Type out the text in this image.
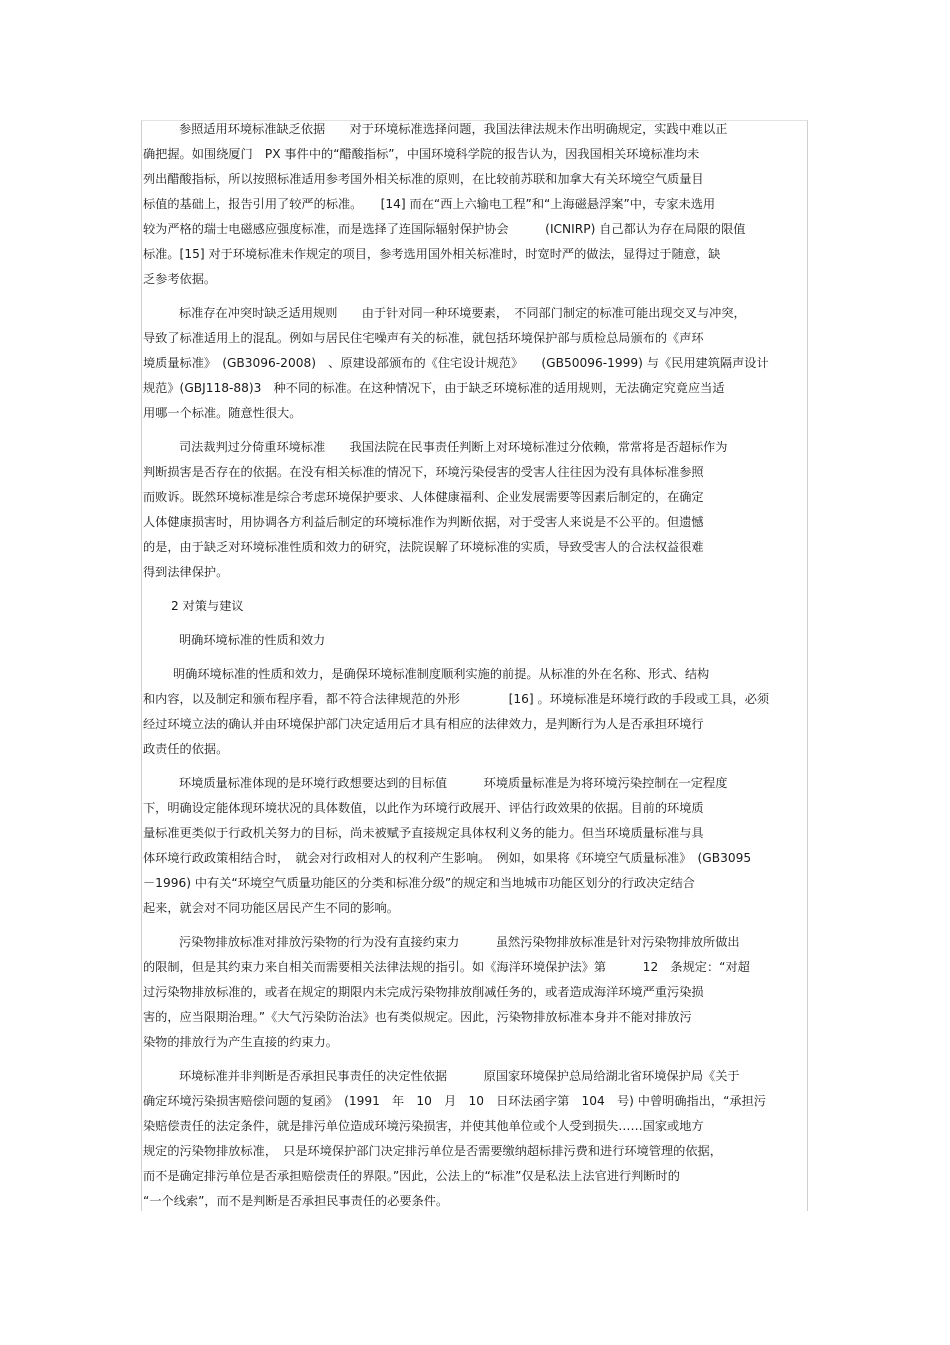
参照适用环境标准缺乏依据　　对于环境标准选择问题，我国法律法规未作出明确规定，实践中难以正
确把握。如围绕厦门　PX 事件中的“醋酸指标”，中国环境科学院的报告认为，因我国相关环境标准均未
列出醋酸指标，所以按照标准适用参考国外相关标准的原则，在比较前苏联和加拿大有关环境空气质量目
标值的基础上，报告引用了较严的标准。　　[14] 而在“西上六输电工程”和“上海磁悬浮案”中，专家未选用
较为严格的瑞士电磁感应强度标准，而是选择了连国际辐射保护协会　　　(ICNIRP) 自己都认为存在局限的限值
标准。[15] 对于环境标准未作规定的项目，参考选用国外相关标准时，时宽时严的做法，显得过于随意，缺
乏参考依据。
标准存在冲突时缺乏适用规则　　由于针对同一种环境要素，　不同部门制定的标准可能出现交叉与冲突，
导致了标准适用上的混乱。例如与居民住宅噪声有关的标准，就包括环境保护部与质检总局颁布的《声环
境质量标准》　(GB3096-2008)　、原建设部颁布的《住宅设计规范》　　(GB50096-1999) 与《民用建筑隔声设计
规范》(GBJ118-88)3　种不同的标准。在这种情况下，由于缺乏环境标准的适用规则，无法确定究竟应当适
用哪一个标准。随意性很大。
司法裁判过分倚重环境标准　　我国法院在民事责任判断上对环境标准过分依赖，常常将是否超标作为
判断损害是否存在的依据。在没有相关标准的情况下，环境污染侵害的受害人往往因为没有具体标准参照
而败诉。既然环境标准是综合考虑环境保护要求、人体健康福利、企业发展需要等因素后制定的，在确定
人体健康损害时，用协调各方利益后制定的环境标准作为判断依据，对于受害人来说是不公平的。但遗憾
的是，由于缺乏对环境标准性质和效力的研究，法院误解了环境标准的实质，导致受害人的合法权益很难
得到法律保护。
2 对策与建议
明确环境标准的性质和效力
明确环境标准的性质和效力，是确保环境标准制度顺利实施的前提。从标准的外在名称、形式、结构
和内容，以及制定和颁布程序看，都不符合法律规范的外形　　　　[16] 。环境标准是环境行政的手段或工具，必须
经过环境立法的确认并由环境保护部门决定适用后才具有相应的法律效力，是判断行为人是否承担环境行
政责任的依据。
环境质量标准体现的是环境行政想要达到的目标值　　　环境质量标准是为将环境污染控制在一定程度
下，明确设定能体现环境状况的具体数值，以此作为环境行政展开、评估行政效果的依据。目前的环境质
量标准更类似于行政机关努力的目标，尚未被赋予直接规定具体权利义务的能力。但当环境质量标准与具
体环境行政政策相结合时，　就会对行政相对人的权利产生影响。　例如，如果将《环境空气质量标准》　(GB3095
－1996) 中有关“环境空气质量功能区的分类和标准分级”的规定和当地城市功能区划分的行政决定结合
起来，就会对不同功能区居民产生不同的影响。
污染物排放标准对排放污染物的行为没有直接约束力　　　虽然污染物排放标准是针对污染物排放所做出
的限制，但是其约束力来自相关而需要相关法律法规的指引。如《海洋环境保护法》第　　　12　条规定：“对超
过污染物排放标准的，或者在规定的期限内未完成污染物排放削减任务的，或者造成海洋环境严重污染损
害的，应当限期治理。”《大气污染防治法》也有类似规定。因此，污染物排放标准本身并不能对排放污
染物的排放行为产生直接的约束力。
环境标准并非判断是否承担民事责任的决定性依据　　　原国家环境保护总局给湖北省环境保护局《关于
确定环境污染损害赔偿问题的复函》　(1991　年　10　月　10　日环法函字第　104　号) 中曾明确指出，“承担污
染赔偿责任的法定条件，就是排污单位造成环境污染损害，并使其他单位或个人受到损失……国家或地方
规定的污染物排放标准，　只是环境保护部门决定排污单位是否需要缴纳超标排污费和进行环境管理的依据，
而不是确定排污单位是否承担赔偿责任的界限。”因此，公法上的“标准”仅是私法上法官进行判断时的
“一个线索”，而不是判断是否承担民事责任的必要条件。
